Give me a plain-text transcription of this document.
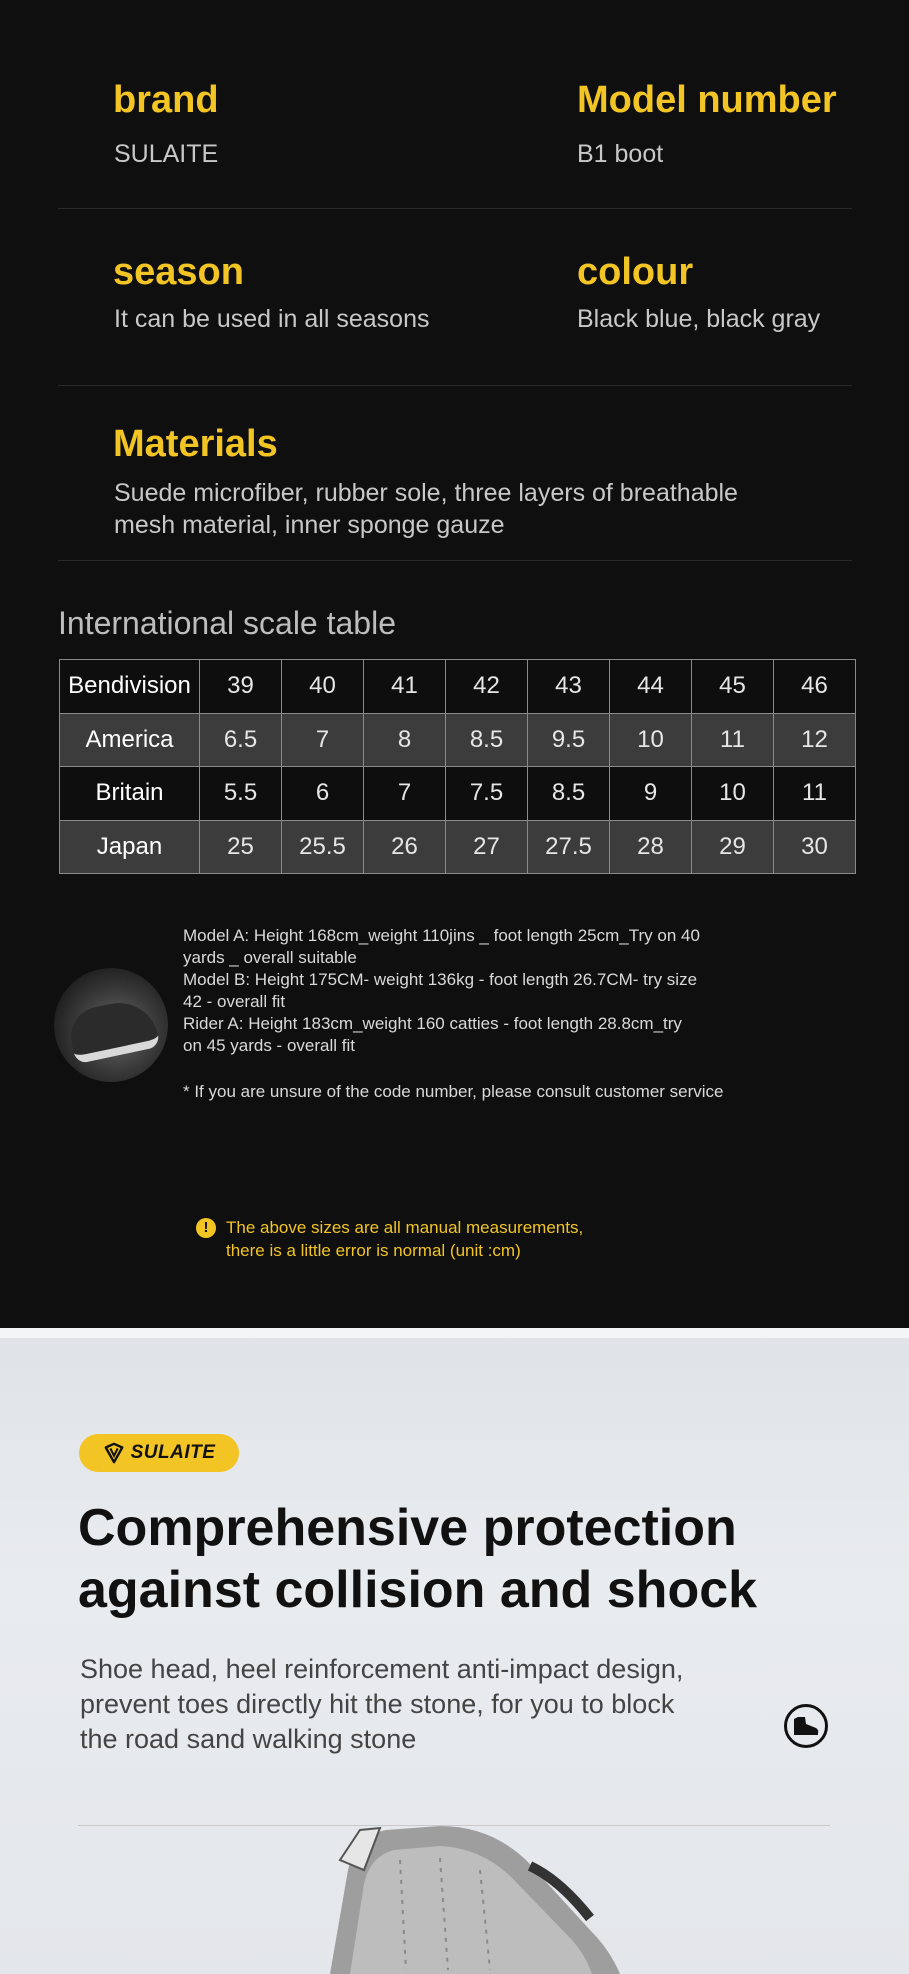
brand
SULAITE
Model number
B1 boot
season
It can be used in all seasons
colour
Black blue, black gray
Materials
Suede microfiber, rubber sole, three layers of breathable
mesh material, inner sponge gauze
International scale table
Bendivision	39	40	41	42	43	44	45	46
America	6.5	7	8	8.5	9.5	10	11	12
Britain	5.5	6	7	7.5	8.5	9	10	11
Japan	25	25.5	26	27	27.5	28	29	30
Model A: Height 168cm_weight 110jins _ foot length 25cm_Try on 40
yards _ overall suitable
Model B: Height 175CM- weight 136kg - foot length 26.7CM- try size
42 - overall fit
Rider A: Height 183cm_weight 160 catties - foot length 28.8cm_try
on 45 yards - overall fit
* If you are unsure of the code number, please consult customer service
!	The above sizes are all manual measurements,
there is a little error is normal (unit :cm)
SULAITE
Comprehensive protection
against collision and shock
Shoe head, heel reinforcement anti-impact design,
prevent toes directly hit the stone, for you to block
the road sand walking stone
